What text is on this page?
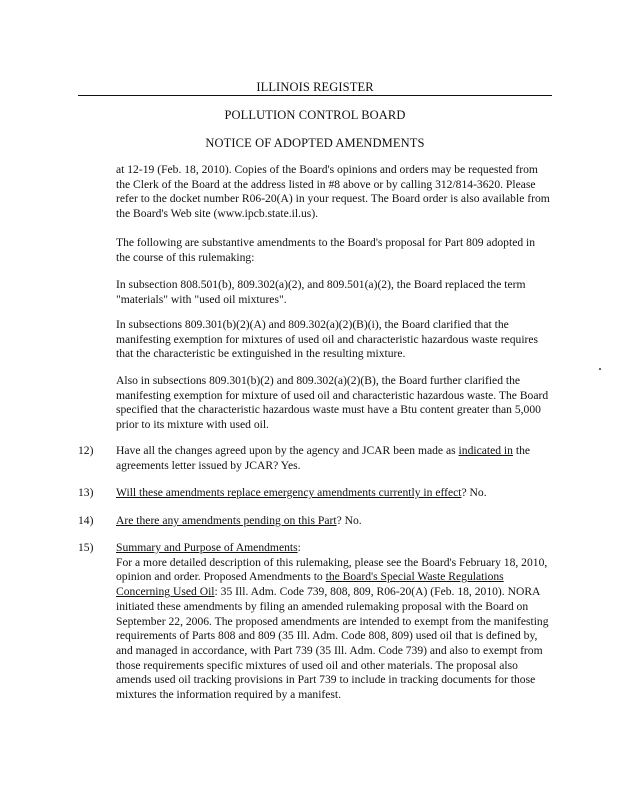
ILLINOIS REGISTER
POLLUTION CONTROL BOARD
NOTICE OF ADOPTED AMENDMENTS

at 12-19 (Feb. 18, 2010). Copies of the Board's opinions and orders may be requested from the Clerk of the Board at the address listed in #8 above or by calling 312/814-3620. Please refer to the docket number R06-20(A) in your request. The Board order is also available from the Board's Web site (www.ipcb.state.il.us).

The following are substantive amendments to the Board's proposal for Part 809 adopted in the course of this rulemaking:

In subsection 808.501(b), 809.302(a)(2), and 809.501(a)(2), the Board replaced the term "materials" with "used oil mixtures".

In subsections 809.301(b)(2)(A) and 809.302(a)(2)(B)(i), the Board clarified that the manifesting exemption for mixtures of used oil and characteristic hazardous waste requires that the characteristic be extinguished in the resulting mixture.

Also in subsections 809.301(b)(2) and 809.302(a)(2)(B), the Board further clarified the manifesting exemption for mixture of used oil and characteristic hazardous waste. The Board specified that the characteristic hazardous waste must have a Btu content greater than 5,000 prior to its mixture with used oil.

12)	Have all the changes agreed upon by the agency and JCAR been made as indicated in the agreements letter issued by JCAR? Yes.
13)	Will these amendments replace emergency amendments currently in effect? No.
14)	Are there any amendments pending on this Part? No.
15)	Summary and Purpose of Amendments:
For a more detailed description of this rulemaking, please see the Board's February 18, 2010, opinion and order. Proposed Amendments to the Board's Special Waste Regulations Concerning Used Oil: 35 Ill. Adm. Code 739, 808, 809, R06-20(A) (Feb. 18, 2010). NORA initiated these amendments by filing an amended rulemaking proposal with the Board on September 22, 2006. The proposed amendments are intended to exempt from the manifesting requirements of Parts 808 and 809 (35 Ill. Adm. Code 808, 809) used oil that is defined by, and managed in accordance, with Part 739 (35 Ill. Adm. Code 739) and also to exempt from those requirements specific mixtures of used oil and other materials. The proposal also amends used oil tracking provisions in Part 739 to include in tracking documents for those mixtures the information required by a manifest.
